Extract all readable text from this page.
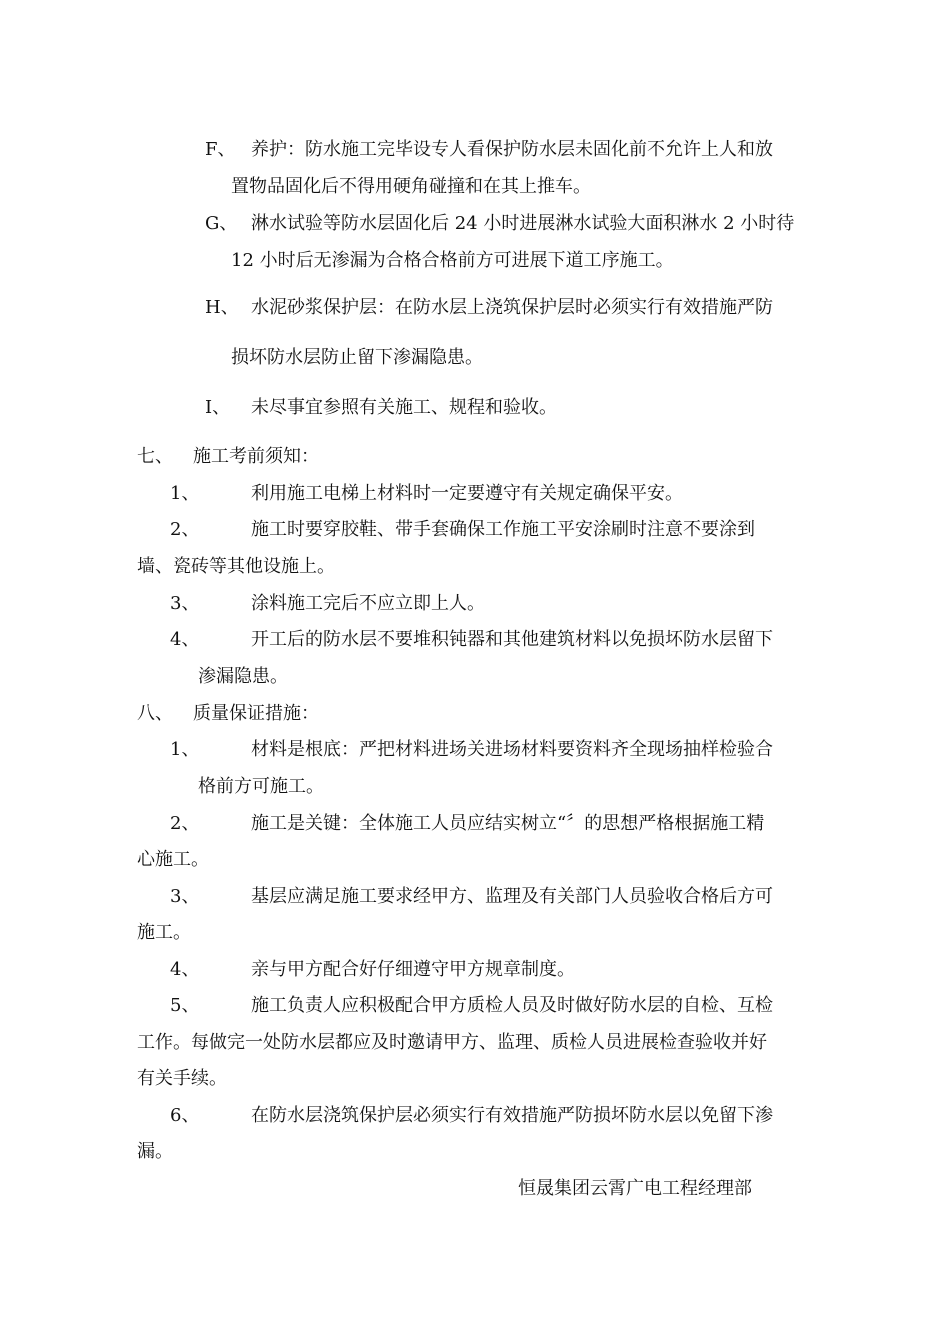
F、 养护：防水施工完毕设专人看保护防水层未固化前不允许上人和放
置物品固化后不得用硬角碰撞和在其上推车。
G、 淋水试验等防水层固化后 24 小时进展淋水试验大面积淋水 2 小时待
12 小时后无渗漏为合格合格前方可进展下道工序施工。
H、 水泥砂浆保护层：在防水层上浇筑保护层时必须实行有效措施严防
损坏防水层防止留下渗漏隐患。
I、 未尽事宜参照有关施工、规程和验收。
七、 施工考前须知：
1、	利用施工电梯上材料时一定要遵守有关规定确保平安。
2、	施工时要穿胶鞋、带手套确保工作施工平安涂刷时注意不要涂到
墙、瓷砖等其他设施上。
3、	涂料施工完后不应立即上人。
4、	开工后的防水层不要堆积钝器和其他建筑材料以免损坏防水层留下
渗漏隐患。
八、 质量保证措施：
1、	材料是根底：严把材料进场关进场材料要资料齐全现场抽样检验合
格前方可施工。
2、	施工是关键：全体施工人员应结实树立“〞的思想严格根据施工精
心施工。
3、	基层应满足施工要求经甲方、监理及有关部门人员验收合格后方可
施工。
4、	亲与甲方配合好仔细遵守甲方规章制度。
5、	施工负责人应积极配合甲方质检人员及时做好防水层的自检、互检
工作。每做完一处防水层都应及时邀请甲方、监理、质检人员进展检查验收并好
有关手续。
6、	在防水层浇筑保护层必须实行有效措施严防损坏防水层以免留下渗
漏。
恒晟集团云霄广电工程经理部
